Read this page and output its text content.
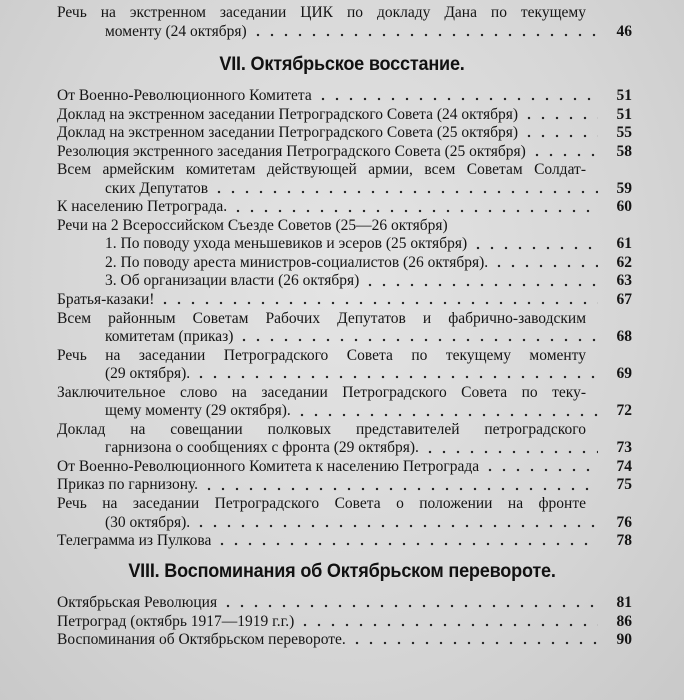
Речь на экстренном заседании ЦИК по докладу Дана по текущему
моменту (24 октября)	46
VII. Октябрьское восстание.
От Военно-Революционного Комитета	51
Доклад на экстренном заседании Петроградского Совета (24 октября)	51
Доклад на экстренном заседании Петроградского Совета (25 октября)	55
Резолюция экстренного заседания Петроградского Совета (25 октября)	58
Всем армейским комитетам действующей армии, всем Советам Солдат-
ских Депутатов	59
К населению Петрограда.	60
Речи на 2 Всероссийском Съезде Советов (25—26 октября)
1. По поводу ухода меньшевиков и эсеров (25 октября)	61
2. По поводу ареста министров-социалистов (26 октября).	62
3. Об организации власти (26 октября)	63
Братья-казаки!	67
Всем районным Советам Рабочих Депутатов и фабрично-заводским
комитетам (приказ)	68
Речь на заседании Петроградского Совета по текущему моменту
(29 октября).	69
Заключительное слово на заседании Петроградского Совета по теку-
щему моменту (29 октября).	72
Доклад на совещании полковых представителей петроградского
гарнизона о сообщениях с фронта (29 октября).	73
От Военно-Революционного Комитета к населению Петрограда	74
Приказ по гарнизону.	75
Речь на заседании Петроградского Совета о положении на фронте
(30 октября).	76
Телеграмма из Пулкова	78
VIII. Воспоминания об Октябрьском перевороте.
Октябрьская Революция	81
Петроград (октябрь 1917—1919 г.г.)	86
Воспоминания об Октябрьском перевороте.	90
